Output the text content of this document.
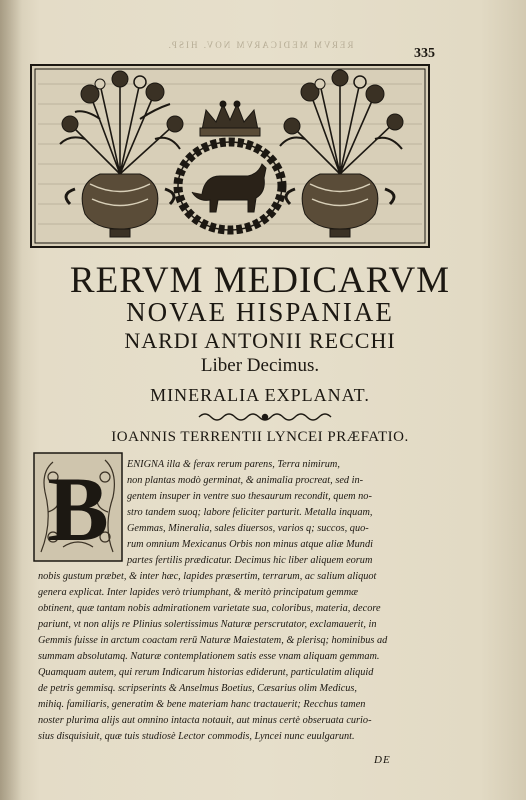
RERVM MEDICARVM NOV. HISP.
335
RERVM MEDICARVM
NOVAE HISPANIAE
NARDI ANTONII RECCHI
Liber Decimus.
MINERALIA EXPLANAT.
IOANNIS TERRENTII LYNCEI PRÆFATIO.
B ENIGNA illa & ferax rerum parens, Terra nimirum,
non plantas modò germinat, & animalia procreat, sed in-
gentem insuper in ventre suo thesaurum recondit, quem no-
stro tandem suoq; labore feliciter parturit. Metalla inquam,
Gemmas, Mineralia, sales diuersos, varios q; succos, quo-
rum omnium Mexicanus Orbis non minus atque aliæ Mundi
partes fertilis prædicatur. Decimus hic liber aliquem eorum
nobis gustum præbet, & inter hæc, lapides præsertim, terrarum, ac salium aliquot
genera explicat. Inter lapides verò triumphant, & meritò principatum gemmæ
obtinent, quæ tantam nobis admirationem varietate sua, coloribus, materia, decore
pariunt, vt non alijs re Plinius solertissimus Naturæ perscrutator, exclamauerit, in
Gemmis fuisse in arctum coactam rerū Naturæ Maiestatem, & plerisq; hominibus ad
summam absolutamq. Naturæ contemplationem satis esse vnam aliquam gemmam.
Quamquam autem, qui rerum Indicarum historias ediderunt, particulatim aliquid
de petris gemmisq. scripserints & Anselmus Boetius, Cæsarius olim Medicus,
mihiq. familiaris, generatim & bene materiam hanc tractauerit; Recchus tamen
noster plurima alijs aut omnino intacta notauit, aut minus certè obseruata curio-
sius disquisiuit, quæ tuis studiosè Lector commodis, Lyncei nunc euulgarunt.
DE
